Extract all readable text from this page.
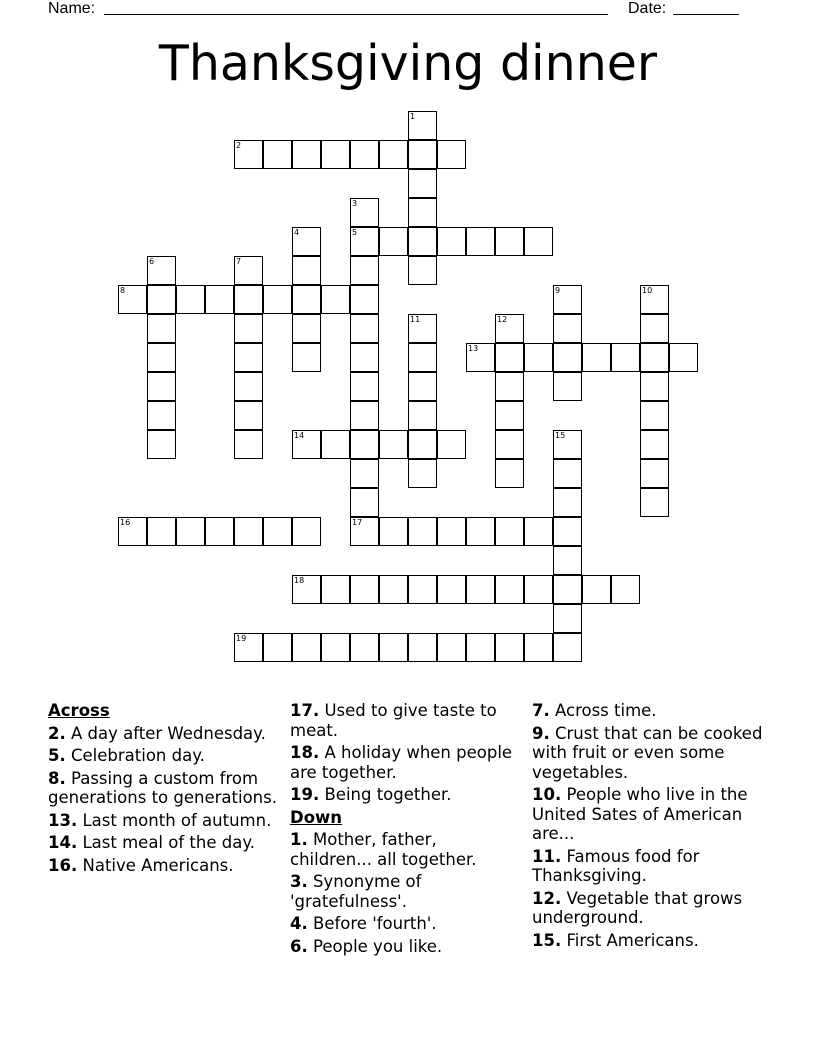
Name:	Date:
Thanksgiving dinner
1
2
3
5
17
4
6	7
8	9	10
11	12
13
14	15
16
18
19
Across
2. A day after Wednesday.
5. Celebration day.
8. Passing a custom from generations to generations.
13. Last month of autumn.
14. Last meal of the day.
16. Native Americans.
17. Used to give taste to meat.
18. A holiday when people are together.
19. Being together.
Down
1. Mother, father, children... all together.
3. Synonyme of 'gratefulness'.
4. Before 'fourth'.
6. People you like.
7. Across time.
9. Crust that can be cooked with fruit or even some vegetables.
10. People who live in the United Sates of American are...
11. Famous food for Thanksgiving.
12. Vegetable that grows underground.
15. First Americans.
